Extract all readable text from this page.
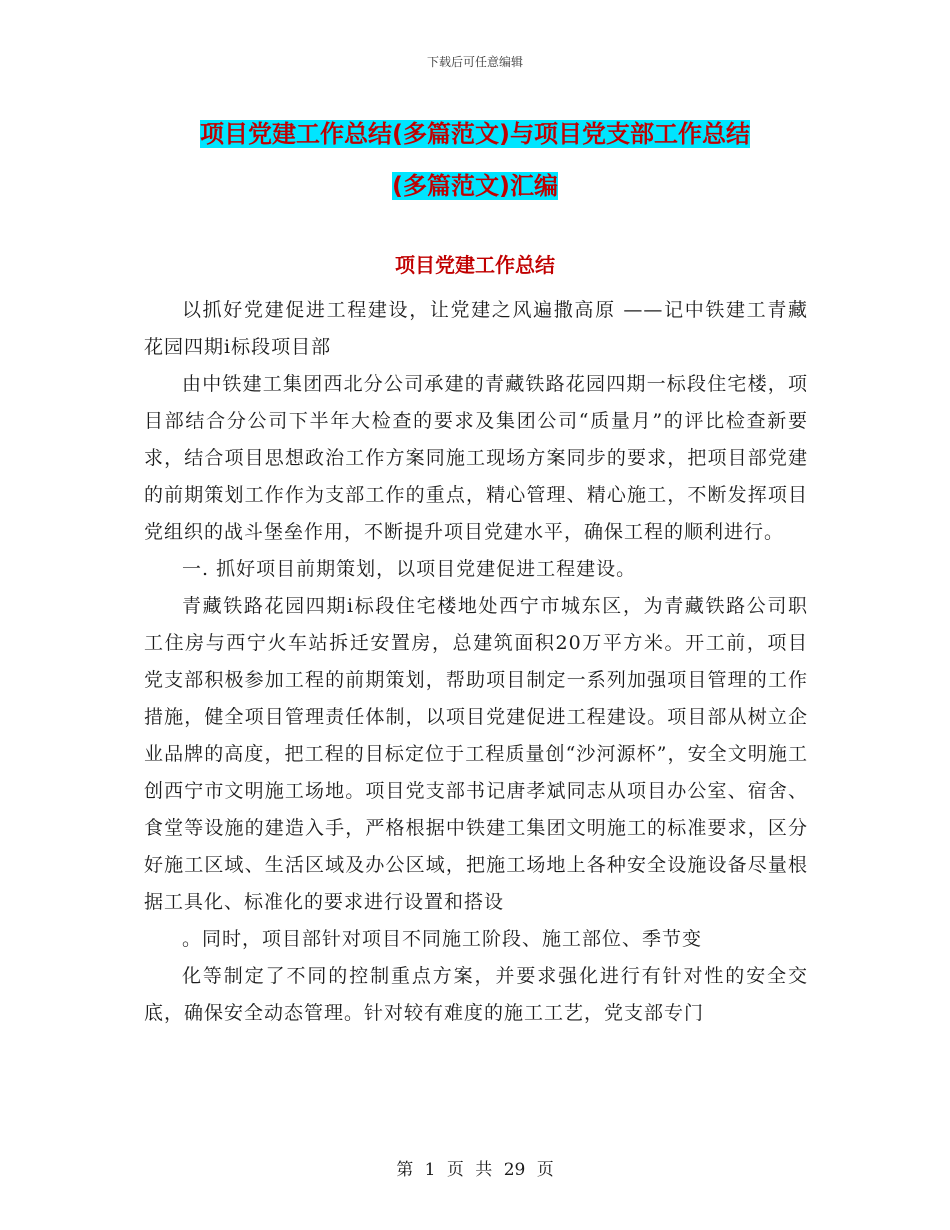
下载后可任意编辑
项目党建工作总结(多篇范文)与项目党支部工作总结
(多篇范文)汇编
项目党建工作总结

以抓好党建促进工程建设，让党建之风遍撒高原 ——记中铁建工青藏花园四期ⅰ标段项目部

由中铁建工集团西北分公司承建的青藏铁路花园四期一标段住宅楼，项目部结合分公司下半年大检查的要求及集团公司“质量月”的评比检查新要求，结合项目思想政治工作方案同施工现场方案同步的要求，把项目部党建的前期策划工作作为支部工作的重点，精心管理、精心施工，不断发挥项目党组织的战斗堡垒作用，不断提升项目党建水平，确保工程的顺利进行。

一. 抓好项目前期策划，以项目党建促进工程建设。

青藏铁路花园四期ⅰ标段住宅楼地处西宁市城东区，为青藏铁路公司职工住房与西宁火车站拆迁安置房，总建筑面积20万平方米。开工前，项目党支部积极参加工程的前期策划，帮助项目制定一系列加强项目管理的工作措施，健全项目管理责任体制，以项目党建促进工程建设。项目部从树立企业品牌的高度，把工程的目标定位于工程质量创“沙河源杯”，安全文明施工创西宁市文明施工场地。项目党支部书记唐孝斌同志从项目办公室、宿舍、食堂等设施的建造入手，严格根据中铁建工集团文明施工的标准要求，区分好施工区域、生活区域及办公区域，把施工场地上各种安全设施设备尽量根据工具化、标准化的要求进行设置和搭设

。同时，项目部针对项目不同施工阶段、施工部位、季节变

化等制定了不同的控制重点方案，并要求强化进行有针对性的安全交底，确保安全动态管理。针对较有难度的施工工艺，党支部专门

第 1 页 共 29 页
